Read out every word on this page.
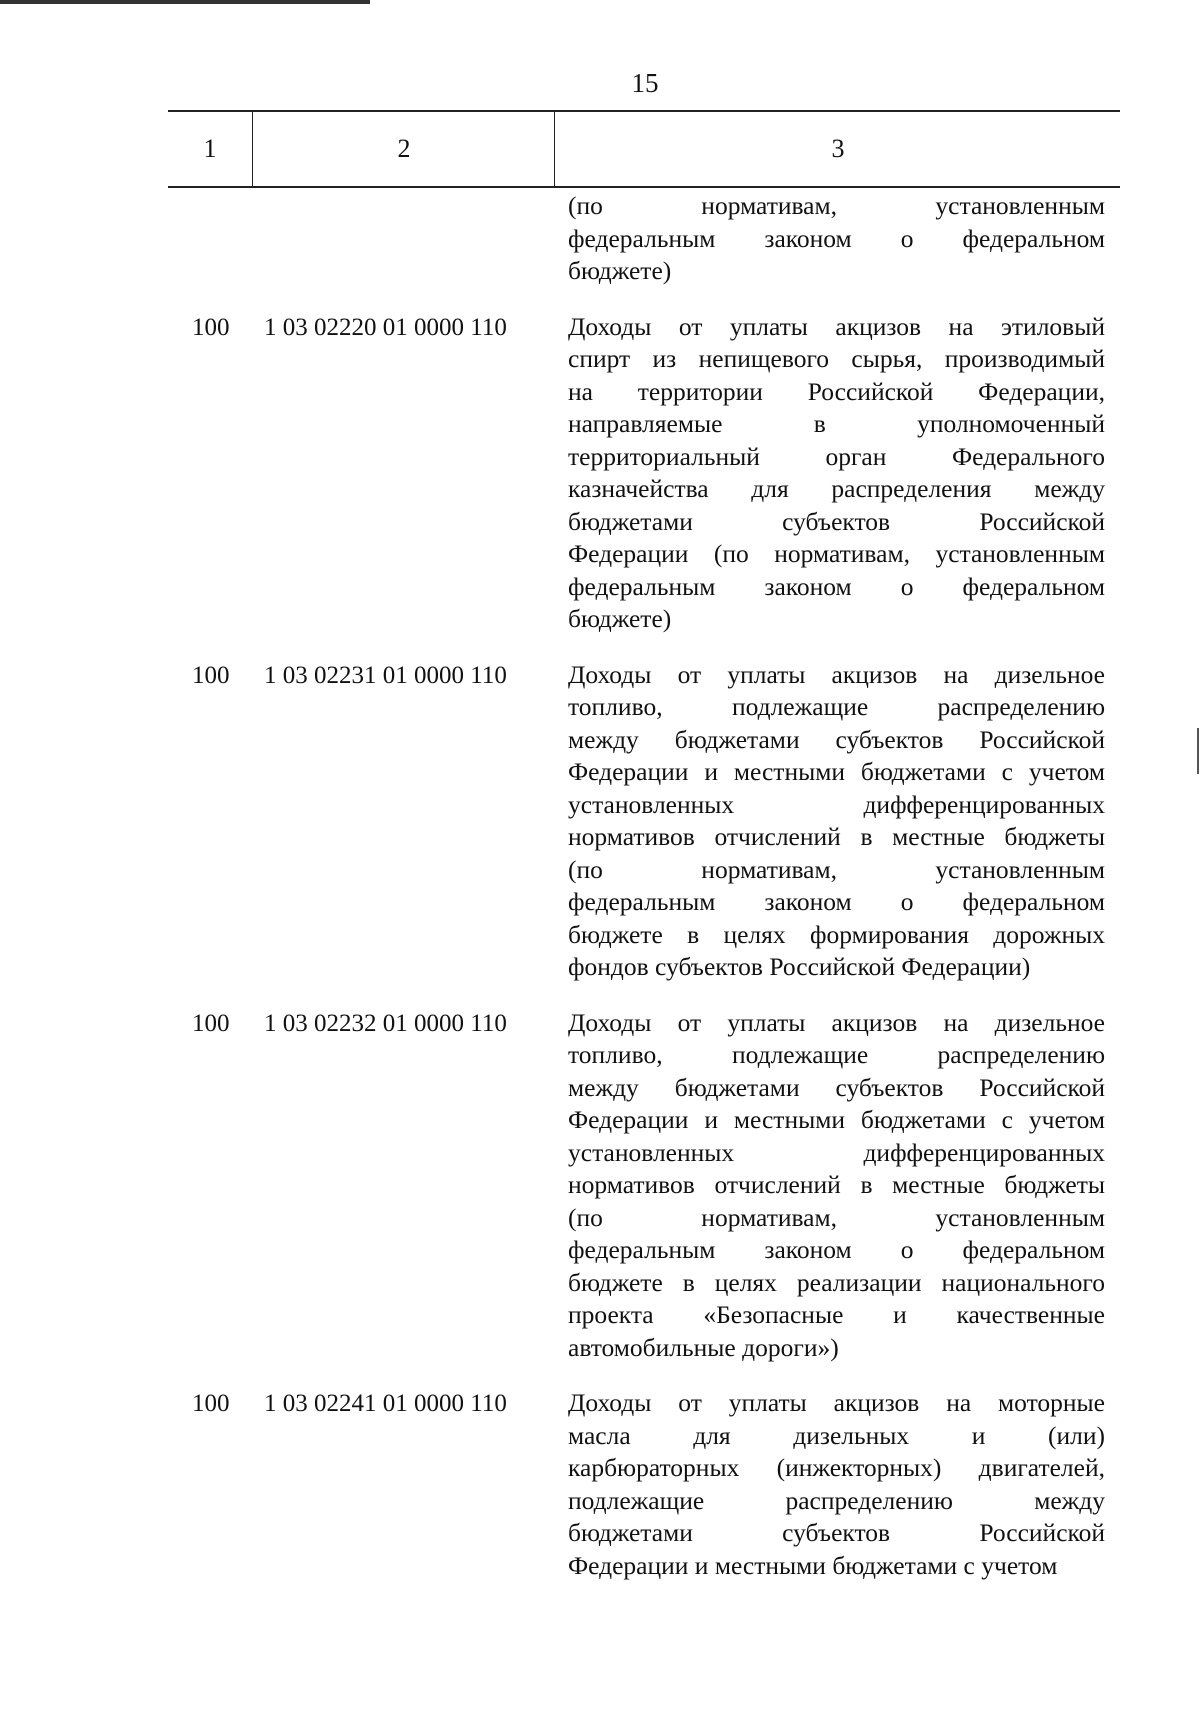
15
1	2	3
(по нормативам, установленным
федеральным законом о федеральном
бюджете)
100 1 03 02220 01 0000 110 Доходы от уплаты акцизов на этиловый
спирт из непищевого сырья, производимый
на территории Российской Федерации,
направляемые в уполномоченный
территориальный орган Федерального
казначейства для распределения между
бюджетами субъектов Российской
Федерации (по нормативам, установленным
федеральным законом о федеральном
бюджете)
100 1 03 02231 01 0000 110 Доходы от уплаты акцизов на дизельное
топливо, подлежащие распределению
между бюджетами субъектов Российской
Федерации и местными бюджетами с учетом
установленных дифференцированных
нормативов отчислений в местные бюджеты
(по нормативам, установленным
федеральным законом о федеральном
бюджете в целях формирования дорожных
фондов субъектов Российской Федерации)
100 1 03 02232 01 0000 110 Доходы от уплаты акцизов на дизельное
топливо, подлежащие распределению
между бюджетами субъектов Российской
Федерации и местными бюджетами с учетом
установленных дифференцированных
нормативов отчислений в местные бюджеты
(по нормативам, установленным
федеральным законом о федеральном
бюджете в целях реализации национального
проекта «Безопасные и качественные
автомобильные дороги»)
100 1 03 02241 01 0000 110 Доходы от уплаты акцизов на моторные
масла для дизельных и (или)
карбюраторных (инжекторных) двигателей,
подлежащие распределению между
бюджетами субъектов Российской
Федерации и местными бюджетами с учетом
